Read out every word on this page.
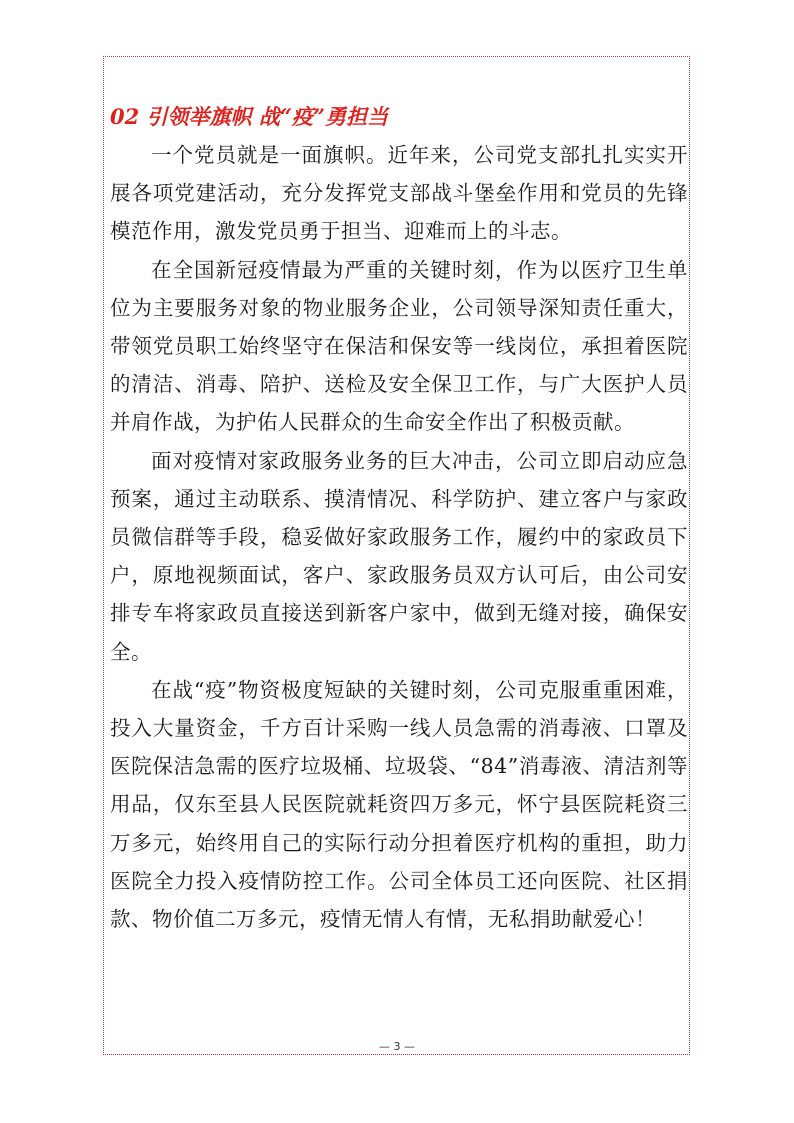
02 引领举旗帜 战“疫”勇担当

一个党员就是一面旗帜。近年来，公司党支部扎扎实实开展各项党建活动，充分发挥党支部战斗堡垒作用和党员的先锋模范作用，激发党员勇于担当、迎难而上的斗志。

在全国新冠疫情最为严重的关键时刻，作为以医疗卫生单位为主要服务对象的物业服务企业，公司领导深知责任重大，带领党员职工始终坚守在保洁和保安等一线岗位，承担着医院的清洁、消毒、陪护、送检及安全保卫工作，与广大医护人员并肩作战，为护佑人民群众的生命安全作出了积极贡献。

面对疫情对家政服务业务的巨大冲击，公司立即启动应急预案，通过主动联系、摸清情况、科学防护、建立客户与家政员微信群等手段，稳妥做好家政服务工作，履约中的家政员下户，原地视频面试，客户、家政服务员双方认可后，由公司安排专车将家政员直接送到新客户家中，做到无缝对接，确保安全。

在战“疫”物资极度短缺的关键时刻，公司克服重重困难，投入大量资金，千方百计采购一线人员急需的消毒液、口罩及医院保洁急需的医疗垃圾桶、垃圾袋、“84”消毒液、清洁剂等用品，仅东至县人民医院就耗资四万多元，怀宁县医院耗资三万多元，始终用自己的实际行动分担着医疗机构的重担，助力医院全力投入疫情防控工作。公司全体员工还向医院、社区捐款、物价值二万多元，疫情无情人有情，无私捐助献爱心！

— 3 —
